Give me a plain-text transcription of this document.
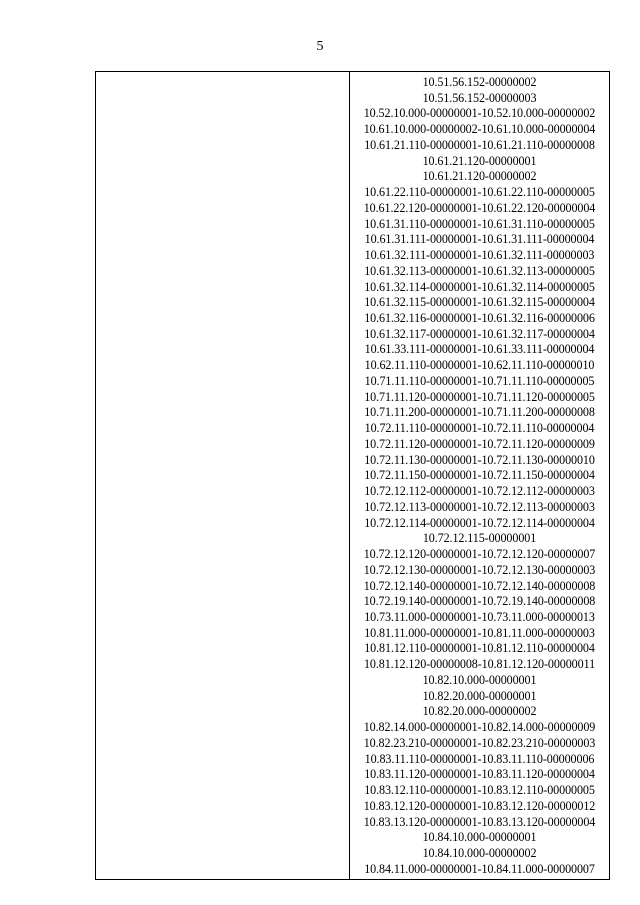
5

10.51.56.152-00000002
10.51.56.152-00000003
10.52.10.000-00000001-10.52.10.000-00000002
10.61.10.000-00000002-10.61.10.000-00000004
10.61.21.110-00000001-10.61.21.110-00000008
10.61.21.120-00000001
10.61.21.120-00000002
10.61.22.110-00000001-10.61.22.110-00000005
10.61.22.120-00000001-10.61.22.120-00000004
10.61.31.110-00000001-10.61.31.110-00000005
10.61.31.111-00000001-10.61.31.111-00000004
10.61.32.111-00000001-10.61.32.111-00000003
10.61.32.113-00000001-10.61.32.113-00000005
10.61.32.114-00000001-10.61.32.114-00000005
10.61.32.115-00000001-10.61.32.115-00000004
10.61.32.116-00000001-10.61.32.116-00000006
10.61.32.117-00000001-10.61.32.117-00000004
10.61.33.111-00000001-10.61.33.111-00000004
10.62.11.110-00000001-10.62.11.110-00000010
10.71.11.110-00000001-10.71.11.110-00000005
10.71.11.120-00000001-10.71.11.120-00000005
10.71.11.200-00000001-10.71.11.200-00000008
10.72.11.110-00000001-10.72.11.110-00000004
10.72.11.120-00000001-10.72.11.120-00000009
10.72.11.130-00000001-10.72.11.130-00000010
10.72.11.150-00000001-10.72.11.150-00000004
10.72.12.112-00000001-10.72.12.112-00000003
10.72.12.113-00000001-10.72.12.113-00000003
10.72.12.114-00000001-10.72.12.114-00000004
10.72.12.115-00000001
10.72.12.120-00000001-10.72.12.120-00000007
10.72.12.130-00000001-10.72.12.130-00000003
10.72.12.140-00000001-10.72.12.140-00000008
10.72.19.140-00000001-10.72.19.140-00000008
10.73.11.000-00000001-10.73.11.000-00000013
10.81.11.000-00000001-10.81.11.000-00000003
10.81.12.110-00000001-10.81.12.110-00000004
10.81.12.120-00000008-10.81.12.120-00000011
10.82.10.000-00000001
10.82.20.000-00000001
10.82.20.000-00000002
10.82.14.000-00000001-10.82.14.000-00000009
10.82.23.210-00000001-10.82.23.210-00000003
10.83.11.110-00000001-10.83.11.110-00000006
10.83.11.120-00000001-10.83.11.120-00000004
10.83.12.110-00000001-10.83.12.110-00000005
10.83.12.120-00000001-10.83.12.120-00000012
10.83.13.120-00000001-10.83.13.120-00000004
10.84.10.000-00000001
10.84.10.000-00000002
10.84.11.000-00000001-10.84.11.000-00000007
